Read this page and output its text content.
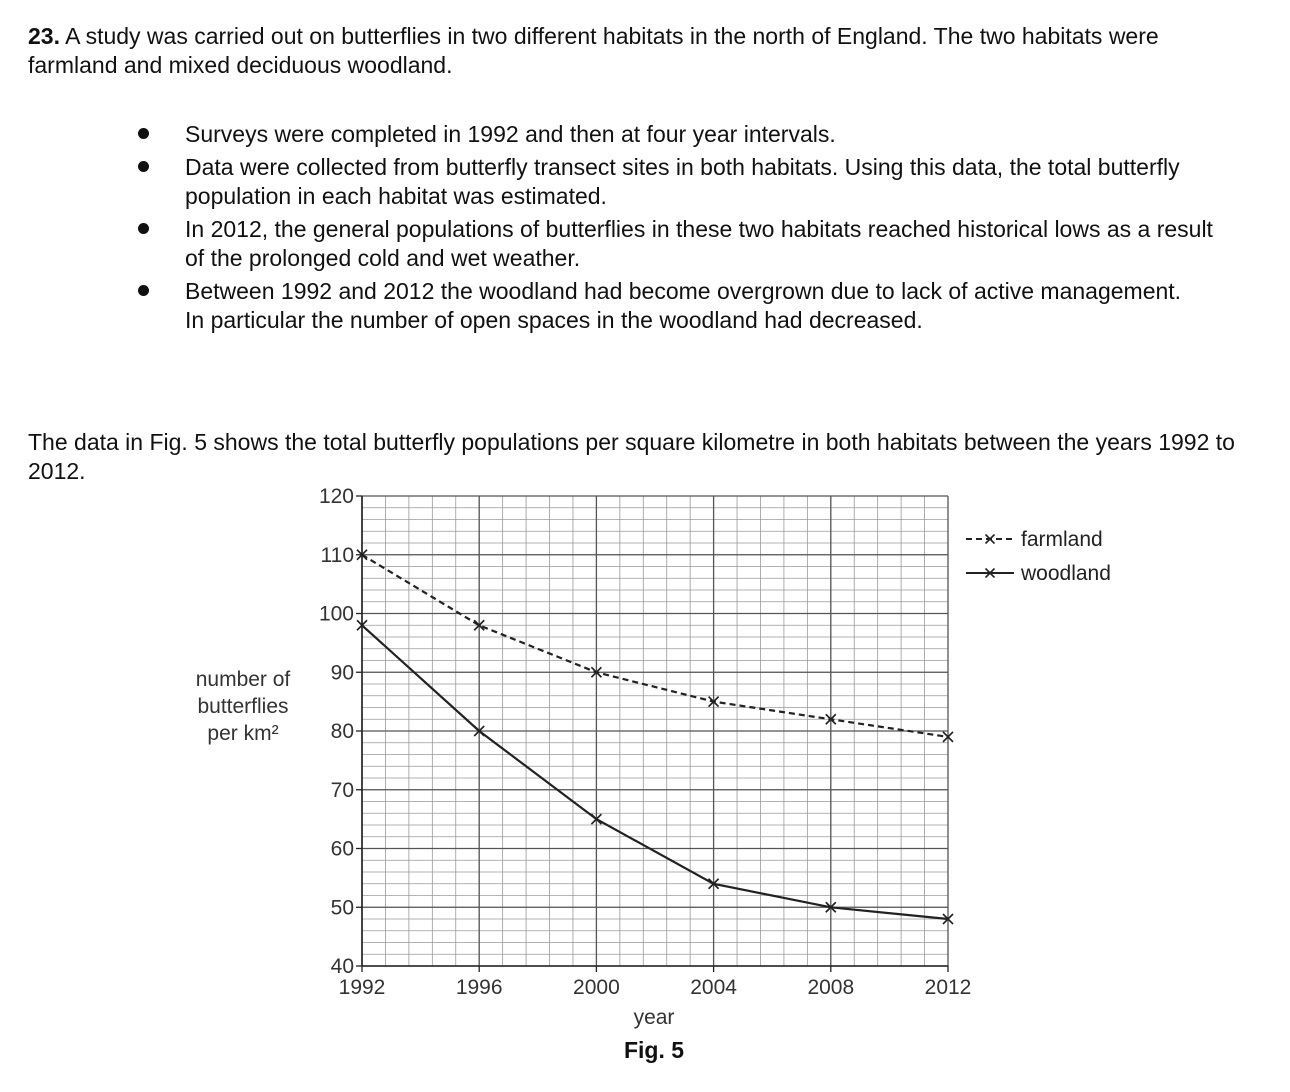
23. A study was carried out on butterflies in two different habitats in the north of England. The two habitats were farmland and mixed deciduous woodland.
Surveys were completed in 1992 and then at four year intervals.
Data were collected from butterfly transect sites in both habitats. Using this data, the total butterfly population in each habitat was estimated.
In 2012, the general populations of butterflies in these two habitats reached historical lows as a result of the prolonged cold and wet weather.
Between 1992 and 2012 the woodland had become overgrown due to lack of active management.
In particular the number of open spaces in the woodland had decreased.
The data in Fig. 5 shows the total butterfly populations per square kilometre in both habitats between the years 1992 to 2012.
40
50
60
70
80
90
100
110
120
1992	1996	2000	2004	2008	2012
farmland
woodland
number of
butterflies
per km²
year
Fig. 5
